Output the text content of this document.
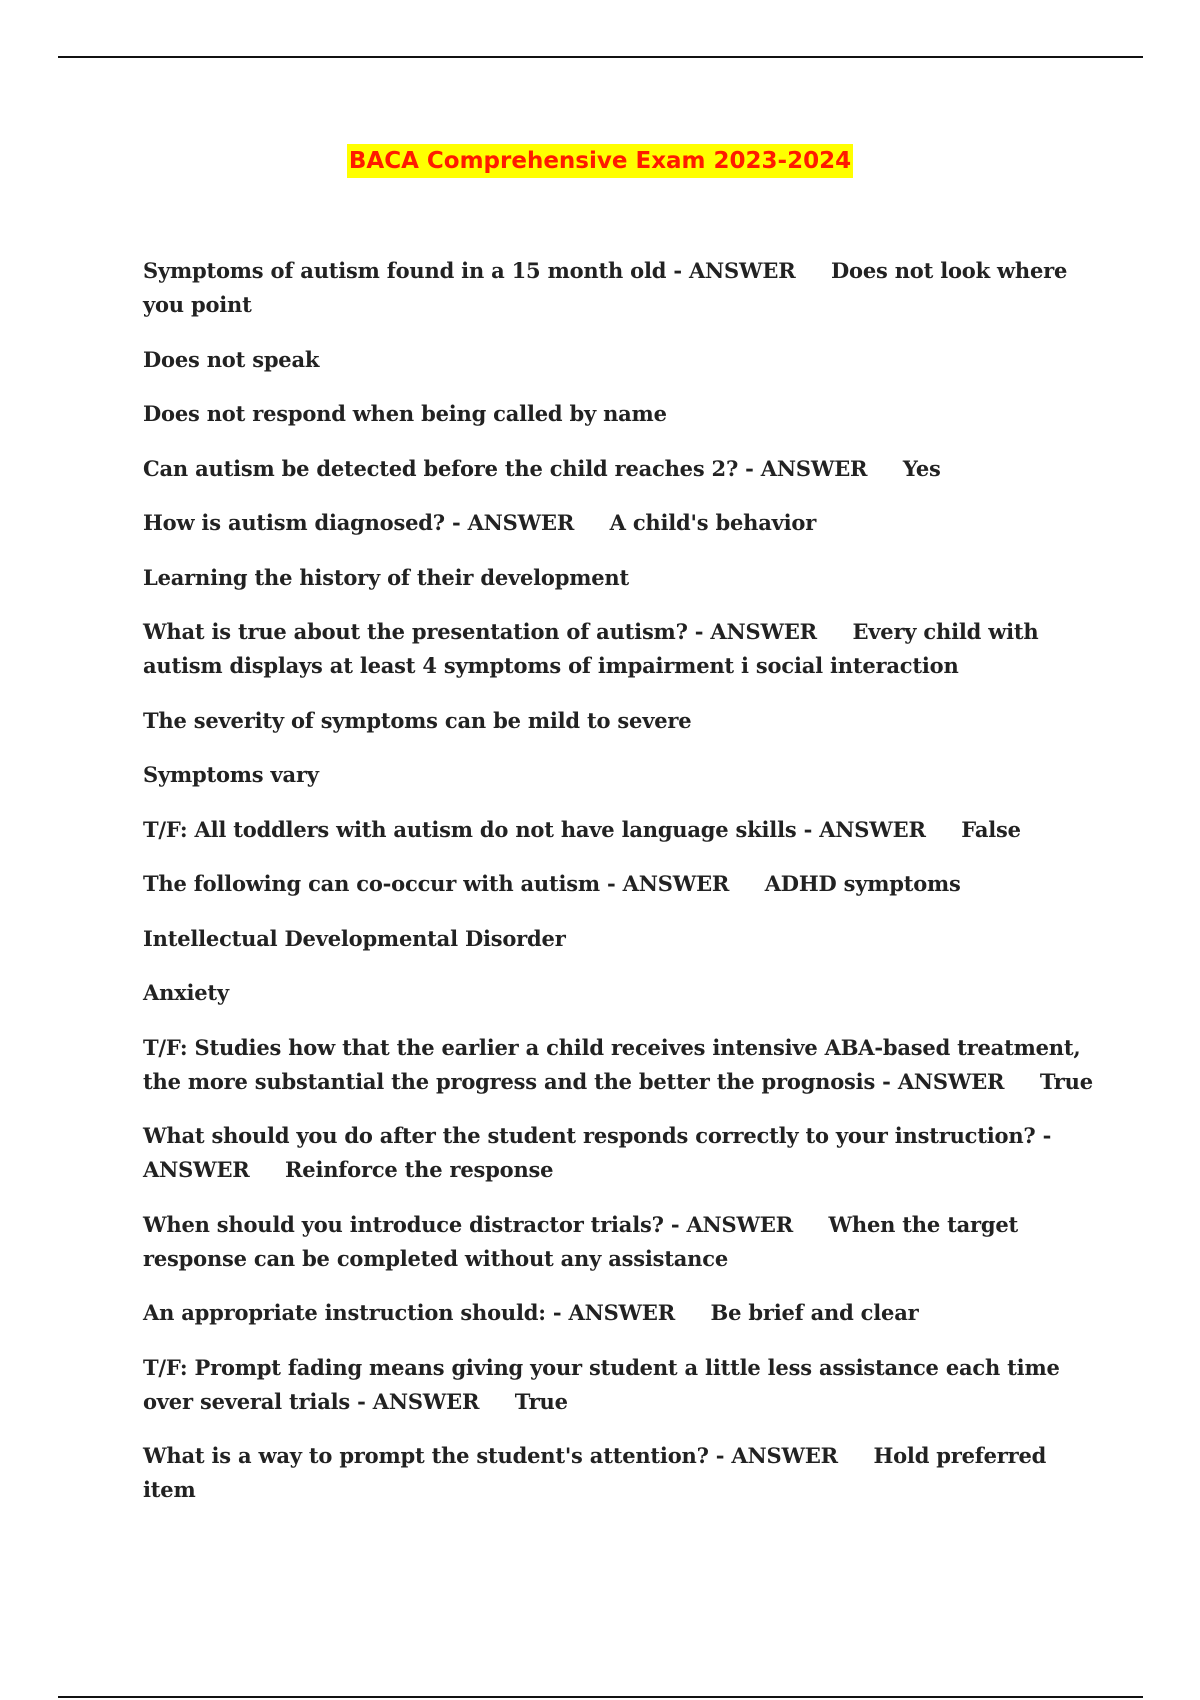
BACA Comprehensive Exam 2023-2024

Symptoms of autism found in a 15 month old - ANSWER     Does not look where you point

Does not speak

Does not respond when being called by name

Can autism be detected before the child reaches 2? - ANSWER     Yes

How is autism diagnosed? - ANSWER     A child's behavior

Learning the history of their development

What is true about the presentation of autism? - ANSWER     Every child with autism displays at least 4 symptoms of impairment i social interaction

The severity of symptoms can be mild to severe

Symptoms vary

T/F: All toddlers with autism do not have language skills - ANSWER     False

The following can co-occur with autism - ANSWER     ADHD symptoms

Intellectual Developmental Disorder

Anxiety

T/F: Studies how that the earlier a child receives intensive ABA-based treatment, the more substantial the progress and the better the prognosis - ANSWER     True

What should you do after the student responds correctly to your instruction? - ANSWER     Reinforce the response

When should you introduce distractor trials? - ANSWER     When the target response can be completed without any assistance

An appropriate instruction should: - ANSWER     Be brief and clear

T/F: Prompt fading means giving your student a little less assistance each time over several trials - ANSWER     True

What is a way to prompt the student's attention? - ANSWER     Hold preferred item
